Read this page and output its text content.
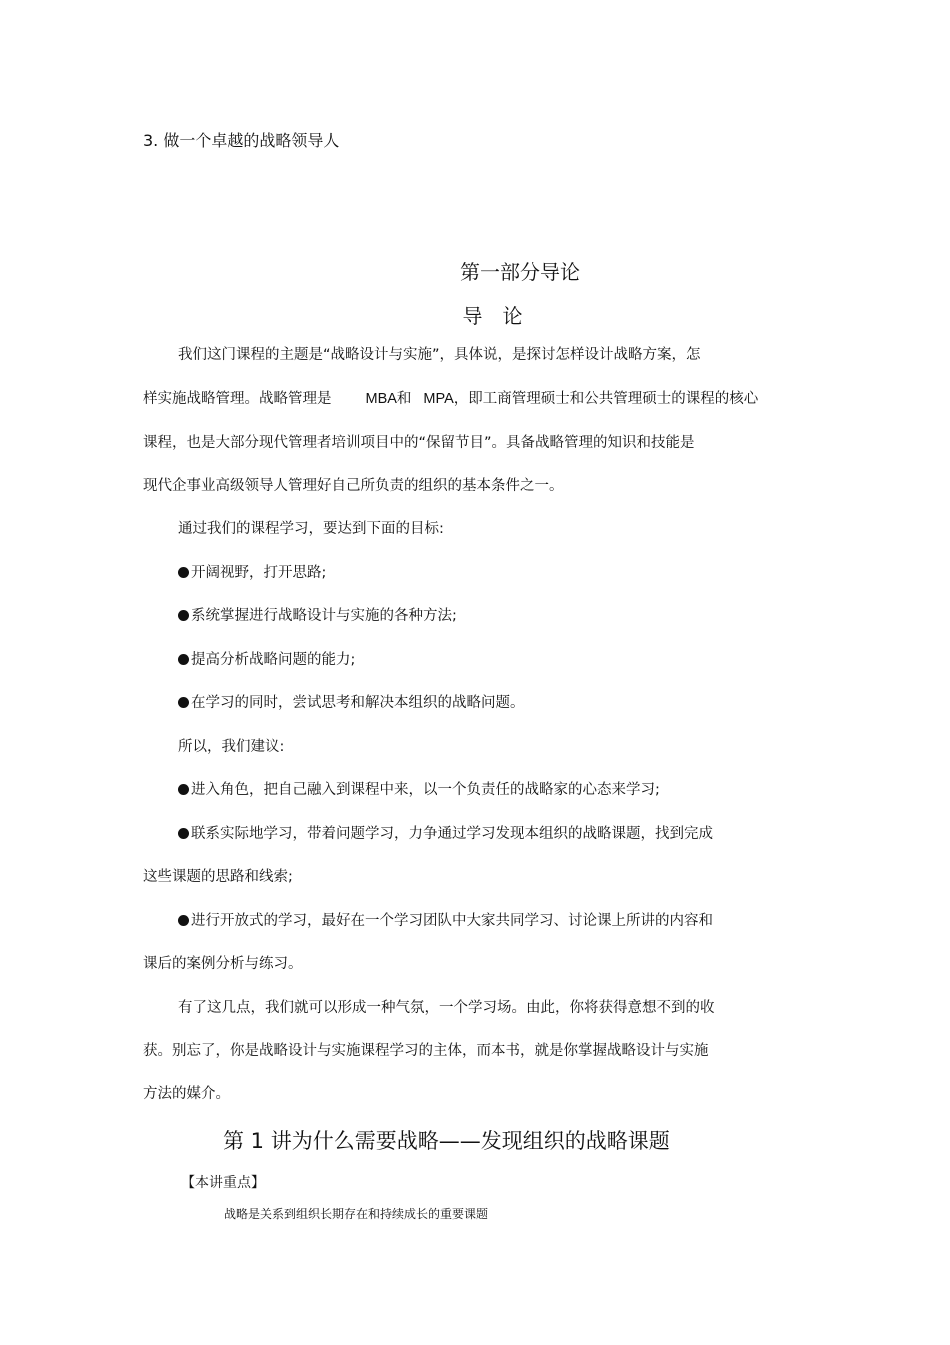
3. 做一个卓越的战略领导人
第一部分导论
导　论
我们这门课程的主题是“战略设计与实施”，具体说，是探讨怎样设计战略方案，怎
样实施战略管理。战略管理是 MBA和 MPA，即工商管理硕士和公共管理硕士的课程的核心
课程，也是大部分现代管理者培训项目中的“保留节目”。具备战略管理的知识和技能是
现代企事业高级领导人管理好自己所负责的组织的基本条件之一。
通过我们的课程学习，要达到下面的目标:
开阔视野，打开思路;
系统掌握进行战略设计与实施的各种方法;
提高分析战略问题的能力;
在学习的同时，尝试思考和解决本组织的战略问题。
所以，我们建议:
进入角色，把自己融入到课程中来，以一个负责任的战略家的心态来学习;
联系实际地学习，带着问题学习，力争通过学习发现本组织的战略课题，找到完成
这些课题的思路和线索;
进行开放式的学习，最好在一个学习团队中大家共同学习、讨论课上所讲的内容和
课后的案例分析与练习。
有了这几点，我们就可以形成一种气氛，一个学习场。由此，你将获得意想不到的收
获。别忘了，你是战略设计与实施课程学习的主体，而本书，就是你掌握战略设计与实施
方法的媒介。
第 1 讲为什么需要战略——发现组织的战略课题
【本讲重点】
战略是关系到组织长期存在和持续成长的重要课题
